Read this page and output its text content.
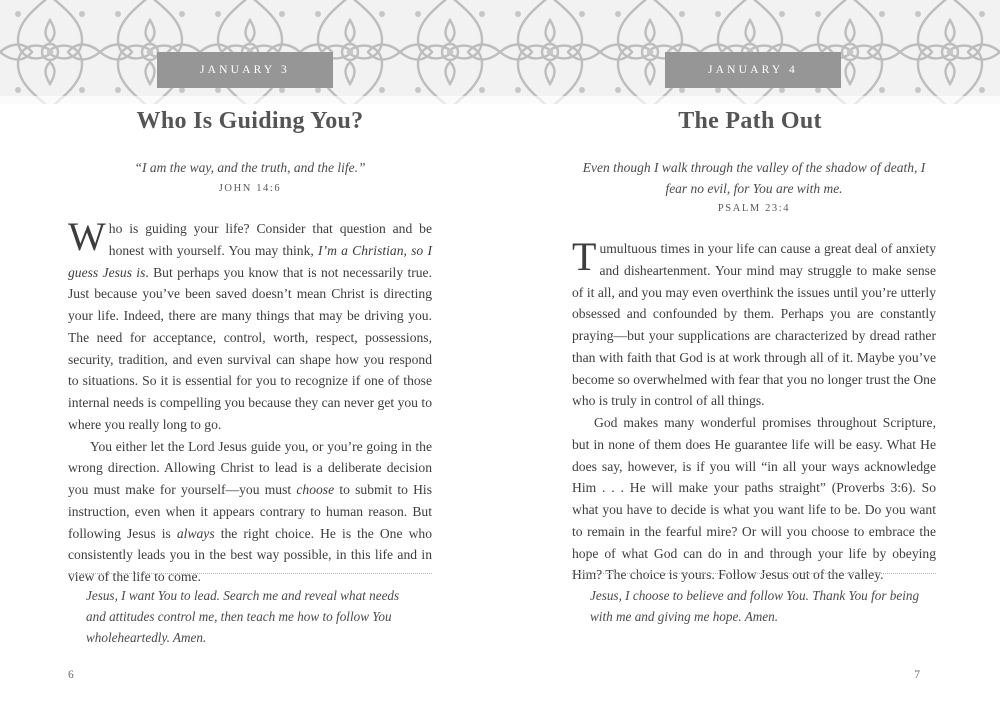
JANUARY 3
Who Is Guiding You?
“I am the way, and the truth, and the life.”
JOHN 14:6

Who is guiding your life? Consider that question and be honest with yourself. You may think, I’m a Christian, so I guess Jesus is. But perhaps you know that is not necessarily true. Just because you’ve been saved doesn’t mean Christ is directing your life. Indeed, there are many things that may be driving you. The need for acceptance, control, worth, respect, possessions, security, tradition, and even survival can shape how you respond to situations. So it is essential for you to recognize if one of those internal needs is compelling you because they can never get you to where you really long to go.

You either let the Lord Jesus guide you, or you’re going in the wrong direction. Allowing Christ to lead is a deliberate decision you must make for yourself—you must choose to submit to His instruction, even when it appears contrary to human reason. But following Jesus is always the right choice. He is the One who consistently leads you in the best way possible, in this life and in view of the life to come.

Jesus, I want You to lead. Search me and reveal what needs and attitudes control me, then teach me how to follow You wholeheartedly. Amen.
6
JANUARY 4
The Path Out
Even though I walk through the valley of the shadow of death, I fear no evil, for You are with me.
PSALM 23:4

Tumultuous times in your life can cause a great deal of anxiety and disheartenment. Your mind may struggle to make sense of it all, and you may even overthink the issues until you’re utterly obsessed and confounded by them. Perhaps you are constantly praying—but your supplications are characterized by dread rather than with faith that God is at work through all of it. Maybe you’ve become so overwhelmed with fear that you no longer trust the One who is truly in control of all things.

God makes many wonderful promises throughout Scripture, but in none of them does He guarantee life will be easy. What He does say, however, is if you will “in all your ways acknowledge Him . . . He will make your paths straight” (Proverbs 3:6). So what you have to decide is what you want life to be. Do you want to remain in the fearful mire? Or will you choose to embrace the hope of what God can do in and through your life by obeying Him? The choice is yours. Follow Jesus out of the valley.

Jesus, I choose to believe and follow You. Thank You for being with me and giving me hope. Amen.
7
